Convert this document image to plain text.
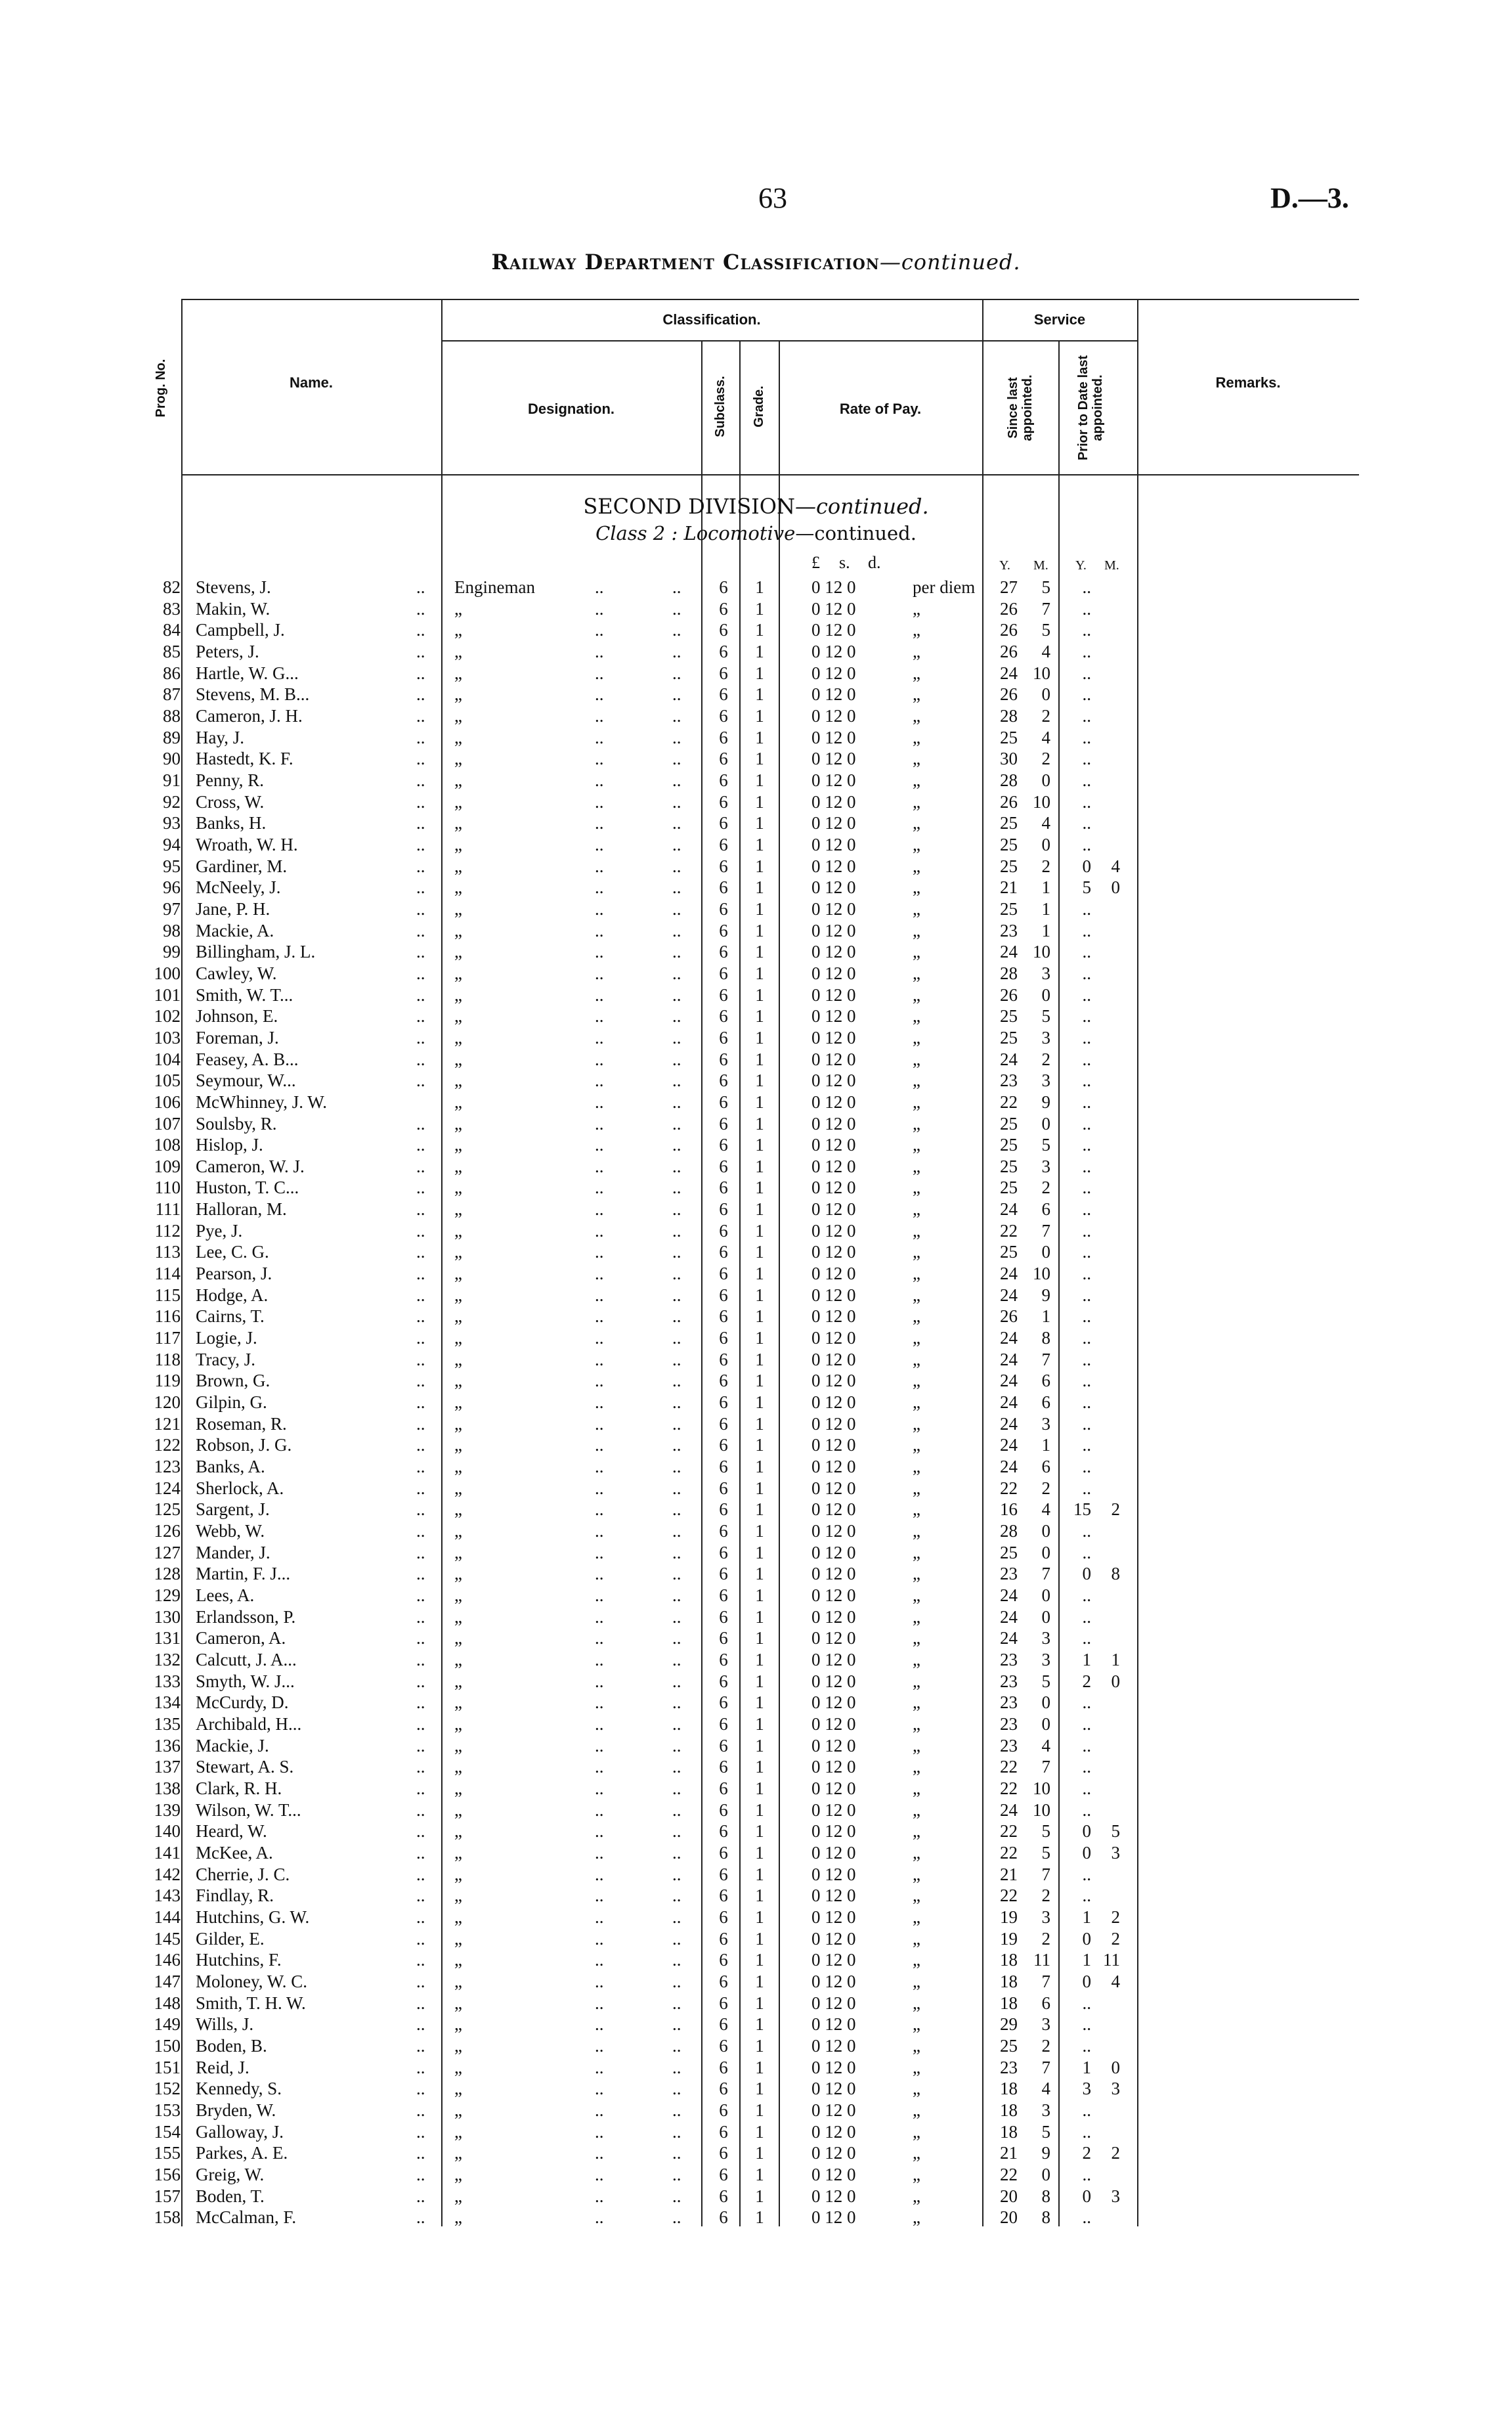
63	D.—3.
Railway Department Classification—continued.
Prog. No.	Name.
Classification.	Service
Designation.	Subclass. Grade.	Rate of Pay.	Since last appointed.	Prior to Date last appointed.	Remarks.
SECOND DIVISION—continued.
Class 2 : Locomotive—continued.
£ s. d.	Y. M. Y. M.
82 Stevens, J.	.. Engineman	..	..	6	1	0 12 0	per diem	27	5	..
83 Makin, W.	.. „	..	..	6	1	0 12 0	„	26	7	..
84 Campbell, J.	.. „	..	..	6	1	0 12 0	„	26	5	..
85 Peters, J.	.. „	..	..	6	1	0 12 0	„	26	4	..
86 Hartle, W. G...	.. „	..	..	6	1	0 12 0	„	24 10	..
87 Stevens, M. B...	.. „	..	..	6	1	0 12 0	„	26	0	..
88 Cameron, J. H.	.. „	..	..	6	1	0 12 0	„	28	2	..
89 Hay, J.	.. „	..	..	6	1	0 12 0	„	25	4	..
90 Hastedt, K. F.	.. „	..	..	6	1	0 12 0	„	30	2	..
91 Penny, R.	.. „	..	..	6	1	0 12 0	„	28	0	..
92 Cross, W.	.. „	..	..	6	1	0 12 0	„	26 10	..
93 Banks, H.	.. „	..	..	6	1	0 12 0	„	25	4	..
94 Wroath, W. H.	.. „	..	..	6	1	0 12 0	„	25	0	..
95 Gardiner, M.	.. „	..	..	6	1	0 12 0	„	25	2	0	4
96 McNeely, J.	.. „	..	..	6	1	0 12 0	„	21	1	5	0
97 Jane, P. H.	.. „	..	..	6	1	0 12 0	„	25	1	..
98 Mackie, A.	.. „	..	..	6	1	0 12 0	„	23	1	..
99 Billingham, J. L.	.. „	..	..	6	1	0 12 0	„	24 10	..
100 Cawley, W.	.. „	..	..	6	1	0 12 0	„	28	3	..
101 Smith, W. T...	.. „	..	..	6	1	0 12 0	„	26	0	..
102 Johnson, E.	.. „	..	..	6	1	0 12 0	„	25	5	..
103 Foreman, J.	.. „	..	..	6	1	0 12 0	„	25	3	..
104 Feasey, A. B...	.. „	..	..	6	1	0 12 0	„	24	2	..
105 Seymour, W...	.. „	..	..	6	1	0 12 0	„	23	3	..
106 McWhinney, J. W.	„	..	..	6	1	0 12 0	„	22	9	..
107 Soulsby, R.	.. „	..	..	6	1	0 12 0	„	25	0	..
108 Hislop, J.	.. „	..	..	6	1	0 12 0	„	25	5	..
109 Cameron, W. J.	.. „	..	..	6	1	0 12 0	„	25	3	..
110 Huston, T. C...	.. „	..	..	6	1	0 12 0	„	25	2	..
111 Halloran, M.	.. „	..	..	6	1	0 12 0	„	24	6	..
112 Pye, J.	.. „	..	..	6	1	0 12 0	„	22	7	..
113 Lee, C. G.	.. „	..	..	6	1	0 12 0	„	25	0	..
114 Pearson, J.	.. „	..	..	6	1	0 12 0	„	24 10	..
115 Hodge, A.	.. „	..	..	6	1	0 12 0	„	24	9	..
116 Cairns, T.	.. „	..	..	6	1	0 12 0	„	26	1	..
117 Logie, J.	.. „	..	..	6	1	0 12 0	„	24	8	..
118 Tracy, J.	.. „	..	..	6	1	0 12 0	„	24	7	..
119 Brown, G.	.. „	..	..	6	1	0 12 0	„	24	6	..
120 Gilpin, G.	.. „	..	..	6	1	0 12 0	„	24	6	..
121 Roseman, R.	.. „	..	..	6	1	0 12 0	„	24	3	..
122 Robson, J. G.	.. „	..	..	6	1	0 12 0	„	24	1	..
123 Banks, A.	.. „	..	..	6	1	0 12 0	„	24	6	..
124 Sherlock, A.	.. „	..	..	6	1	0 12 0	„	22	2	..
125 Sargent, J.	.. „	..	..	6	1	0 12 0	„	16	4	15	2
126 Webb, W.	.. „	..	..	6	1	0 12 0	„	28	0	..
127 Mander, J.	.. „	..	..	6	1	0 12 0	„	25	0	..
128 Martin, F. J...	.. „	..	..	6	1	0 12 0	„	23	7	0	8
129 Lees, A.	.. „	..	..	6	1	0 12 0	„	24	0	..
130 Erlandsson, P.	.. „	..	..	6	1	0 12 0	„	24	0	..
131 Cameron, A.	.. „	..	..	6	1	0 12 0	„	24	3	..
132 Calcutt, J. A...	.. „	..	..	6	1	0 12 0	„	23	3	1	1
133 Smyth, W. J...	.. „	..	..	6	1	0 12 0	„	23	5	2	0
134 McCurdy, D.	.. „	..	..	6	1	0 12 0	„	23	0	..
135 Archibald, H...	.. „	..	..	6	1	0 12 0	„	23	0	..
136 Mackie, J.	.. „	..	..	6	1	0 12 0	„	23	4	..
137 Stewart, A. S.	.. „	..	..	6	1	0 12 0	„	22	7	..
138 Clark, R. H.	.. „	..	..	6	1	0 12 0	„	22 10	..
139 Wilson, W. T...	.. „	..	..	6	1	0 12 0	„	24 10	..
140 Heard, W.	.. „	..	..	6	1	0 12 0	„	22	5	0	5
141 McKee, A.	.. „	..	..	6	1	0 12 0	„	22	5	0	3
142 Cherrie, J. C.	.. „	..	..	6	1	0 12 0	„	21	7	..
143 Findlay, R.	.. „	..	..	6	1	0 12 0	„	22	2	..
144 Hutchins, G. W.	.. „	..	..	6	1	0 12 0	„	19	3	1	2
145 Gilder, E.	.. „	..	..	6	1	0 12 0	„	19	2	0	2
146 Hutchins, F.	.. „	..	..	6	1	0 12 0	„	18 11	1 11
147 Moloney, W. C.	.. „	..	..	6	1	0 12 0	„	18	7	0	4
148 Smith, T. H. W.	.. „	..	..	6	1	0 12 0	„	18	6	..
149 Wills, J.	.. „	..	..	6	1	0 12 0	„	29	3	..
150 Boden, B.	.. „	..	..	6	1	0 12 0	„	25	2	..
151 Reid, J.	.. „	..	..	6	1	0 12 0	„	23	7	1	0
152 Kennedy, S.	.. „	..	..	6	1	0 12 0	„	18	4	3	3
153 Bryden, W.	.. „	..	..	6	1	0 12 0	„	18	3	..
154 Galloway, J.	.. „	..	..	6	1	0 12 0	„	18	5	..
155 Parkes, A. E.	.. „	..	..	6	1	0 12 0	„	21	9	2	2
156 Greig, W.	.. „	..	..	6	1	0 12 0	„	22	0	..
157 Boden, T.	.. „	..	..	6	1	0 12 0	„	20	8	0	3
158 McCalman, F.	.. „	..	..	6	1	0 12 0	„	20	8	..
